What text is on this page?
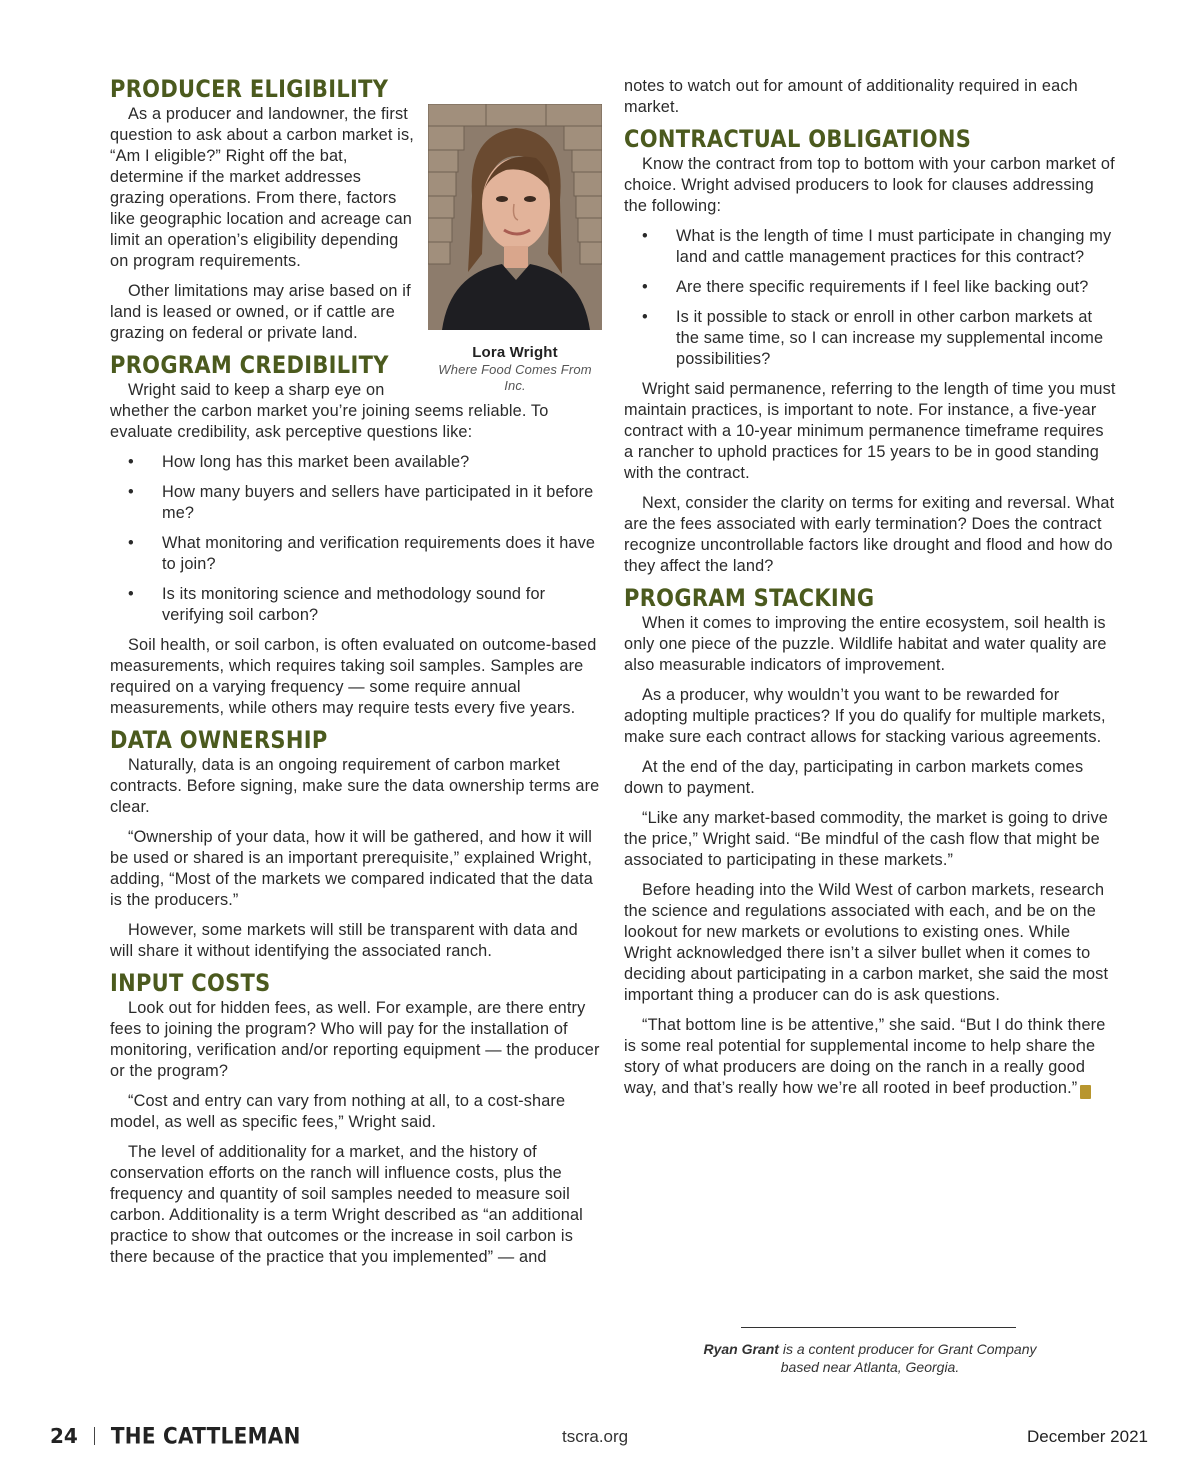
PRODUCER ELIGIBILITY
Lora Wright
Where Food Comes From Inc.

As a producer and landowner, the first question to ask about a carbon market is, “Am I eligible?” Right off the bat, determine if the market addresses grazing operations. From there, factors like geographic location and acreage can limit an operation’s eligibility depending on program requirements.

Other limitations may arise based on if land is leased or owned, or if cattle are grazing on federal or private land.

PROGRAM CREDIBILITY

Wright said to keep a sharp eye on whether the carbon market you’re joining seems reliable. To evaluate credibility, ask perceptive questions like:

• How long has this market been available?
• How many buyers and sellers have participated in it before me?
• What monitoring and verification requirements does it have to join?
• Is its monitoring science and methodology sound for verifying soil carbon?

Soil health, or soil carbon, is often evaluated on outcome-based measurements, which requires taking soil samples. Samples are required on a varying frequency — some require annual measurements, while others may require tests every five years.

DATA OWNERSHIP

Naturally, data is an ongoing requirement of carbon market contracts. Before signing, make sure the data ownership terms are clear.

“Ownership of your data, how it will be gathered, and how it will be used or shared is an important prerequisite,” explained Wright, adding, “Most of the markets we compared indicated that the data is the producers.”

However, some markets will still be transparent with data and will share it without identifying the associated ranch.

INPUT COSTS

Look out for hidden fees, as well. For example, are there entry fees to joining the program? Who will pay for the installation of monitoring, verification and/or reporting equipment — the producer or the program?

“Cost and entry can vary from nothing at all, to a cost-share model, as well as specific fees,” Wright said.

The level of additionality for a market, and the history of conservation efforts on the ranch will influence costs, plus the frequency and quantity of soil samples needed to measure soil carbon. Additionality is a term Wright described as “an additional practice to show that outcomes or the increase in soil carbon is there because of the practice that you implemented” — and

notes to watch out for amount of additionality required in each market.

CONTRACTUAL OBLIGATIONS

Know the contract from top to bottom with your carbon market of choice. Wright advised producers to look for clauses addressing the following:

• What is the length of time I must participate in changing my land and cattle management practices for this contract?
• Are there specific requirements if I feel like backing out?
• Is it possible to stack or enroll in other carbon markets at the same time, so I can increase my supplemental income possibilities?

Wright said permanence, referring to the length of time you must maintain practices, is important to note. For instance, a five-year contract with a 10-year minimum permanence timeframe requires a rancher to uphold practices for 15 years to be in good standing with the contract.

Next, consider the clarity on terms for exiting and reversal. What are the fees associated with early termination? Does the contract recognize uncontrollable factors like drought and flood and how do they affect the land?

PROGRAM STACKING

When it comes to improving the entire ecosystem, soil health is only one piece of the puzzle. Wildlife habitat and water quality are also measurable indicators of improvement.

As a producer, why wouldn’t you want to be rewarded for adopting multiple practices? If you do qualify for multiple markets, make sure each contract allows for stacking various agreements.

At the end of the day, participating in carbon markets comes down to payment.

“Like any market-based commodity, the market is going to drive the price,” Wright said. “Be mindful of the cash flow that might be associated to participating in these markets.”

Before heading into the Wild West of carbon markets, research the science and regulations associated with each, and be on the lookout for new markets or evolutions to existing ones. While Wright acknowledged there isn’t a silver bullet when it comes to deciding about participating in a carbon market, she said the most important thing a producer can do is ask questions.

“That bottom line is be attentive,” she said. “But I do think there is some real potential for supplemental income to help share the story of what producers are doing on the ranch in a really good way, and that’s really how we’re all rooted in beef production.” C

Ryan Grant is a content producer for Grant Company based near Atlanta, Georgia.
24 THE CATTLEMAN	tscra.org	December 2021
